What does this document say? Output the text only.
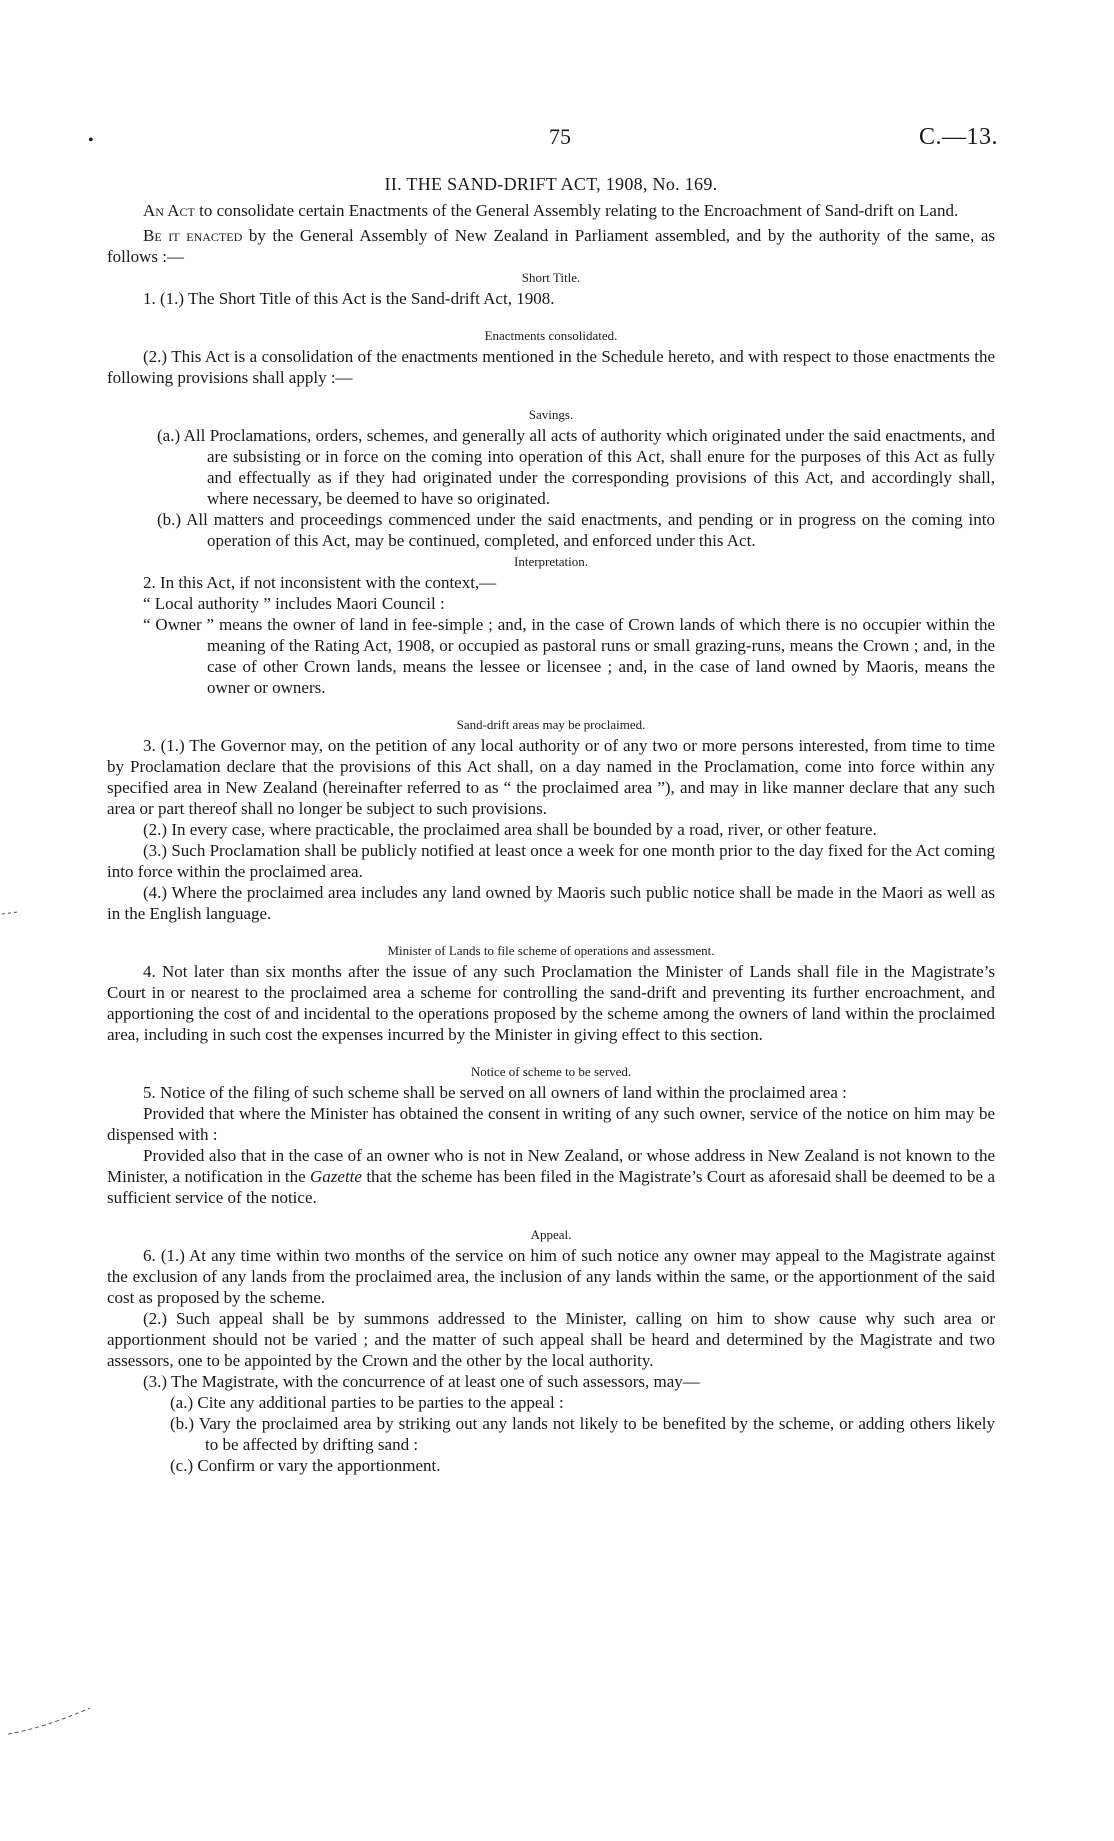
•	75	C.—13.
II. THE SAND-DRIFT ACT, 1908, No. 169.

An Act to consolidate certain Enactments of the General Assembly relating to the Encroachment of Sand-drift on Land.

Be it enacted by the General Assembly of New Zealand in Parliament assembled, and by the authority of the same, as follows :—

Short Title.

1. (1.) The Short Title of this Act is the Sand-drift Act, 1908.

Enactments consolidated.

(2.) This Act is a consolidation of the enactments mentioned in the Schedule hereto, and with respect to those enactments the following provisions shall apply :—

Savings.

(a.) All Proclamations, orders, schemes, and generally all acts of authority which originated under the said enactments, and are subsisting or in force on the coming into operation of this Act, shall enure for the purposes of this Act as fully and effectually as if they had originated under the corresponding provisions of this Act, and accordingly shall, where necessary, be deemed to have so originated.

(b.) All matters and proceedings commenced under the said enactments, and pending or in progress on the coming into operation of this Act, may be continued, completed, and enforced under this Act.

Interpretation.

2. In this Act, if not inconsistent with the context,—

“ Local authority ” includes Maori Council :

“ Owner ” means the owner of land in fee-simple ; and, in the case of Crown lands of which there is no occupier within the meaning of the Rating Act, 1908, or occupied as pastoral runs or small grazing-runs, means the Crown ; and, in the case of other Crown lands, means the lessee or licensee ; and, in the case of land owned by Maoris, means the owner or owners.

Sand-drift areas may be proclaimed.

3. (1.) The Governor may, on the petition of any local authority or of any two or more persons interested, from time to time by Proclamation declare that the provisions of this Act shall, on a day named in the Proclamation, come into force within any specified area in New Zealand (hereinafter referred to as “ the proclaimed area ”), and may in like manner declare that any such area or part thereof shall no longer be subject to such provisions.

(2.) In every case, where practicable, the proclaimed area shall be bounded by a road, river, or other feature.

(3.) Such Proclamation shall be publicly notified at least once a week for one month prior to the day fixed for the Act coming into force within the proclaimed area.

(4.) Where the proclaimed area includes any land owned by Maoris such public notice shall be made in the Maori as well as in the English language.

Minister of Lands to file scheme of operations and assessment.

4. Not later than six months after the issue of any such Proclamation the Minister of Lands shall file in the Magistrate’s Court in or nearest to the proclaimed area a scheme for controlling the sand-drift and preventing its further encroachment, and apportioning the cost of and incidental to the operations proposed by the scheme among the owners of land within the proclaimed area, including in such cost the expenses incurred by the Minister in giving effect to this section.

Notice of scheme to be served.

5. Notice of the filing of such scheme shall be served on all owners of land within the proclaimed area :

Provided that where the Minister has obtained the consent in writing of any such owner, service of the notice on him may be dispensed with :

Provided also that in the case of an owner who is not in New Zealand, or whose address in New Zealand is not known to the Minister, a notification in the Gazette that the scheme has been filed in the Magistrate’s Court as aforesaid shall be deemed to be a sufficient service of the notice.

Appeal.

6. (1.) At any time within two months of the service on him of such notice any owner may appeal to the Magistrate against the exclusion of any lands from the proclaimed area, the inclusion of any lands within the same, or the apportionment of the said cost as proposed by the scheme.

(2.) Such appeal shall be by summons addressed to the Minister, calling on him to show cause why such area or apportionment should not be varied ; and the matter of such appeal shall be heard and determined by the Magistrate and two assessors, one to be appointed by the Crown and the other by the local authority.

(3.) The Magistrate, with the concurrence of at least one of such assessors, may—

(a.) Cite any additional parties to be parties to the appeal :

(b.) Vary the proclaimed area by striking out any lands not likely to be benefited by the scheme, or adding others likely to be affected by drifting sand :

(c.) Confirm or vary the apportionment.
